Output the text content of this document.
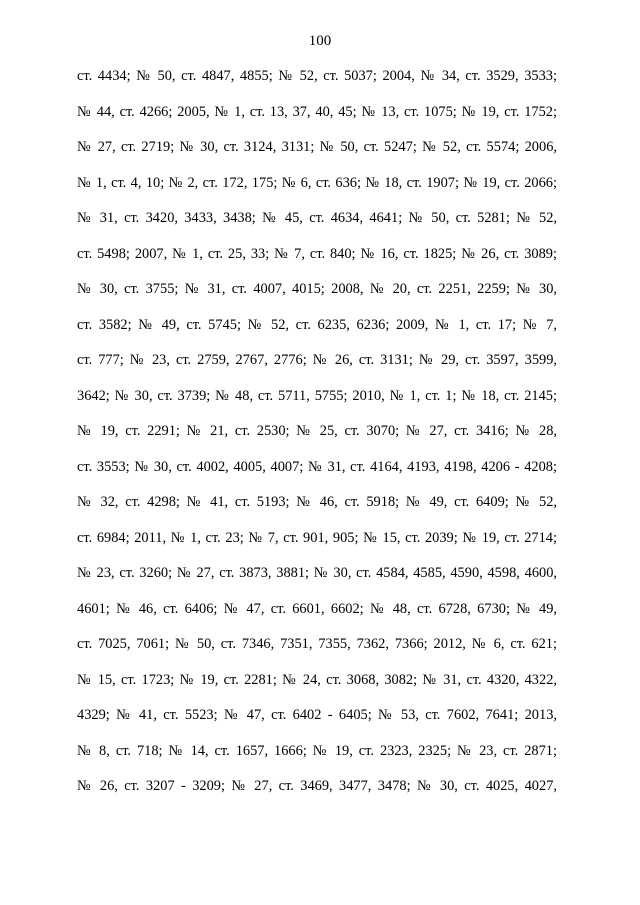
100
ст. 4434; № 50, ст. 4847, 4855; № 52, ст. 5037; 2004, № 34, ст. 3529, 3533;
№ 44, ст. 4266; 2005, № 1, ст. 13, 37, 40, 45; № 13, ст. 1075; № 19, ст. 1752;
№ 27, ст. 2719; № 30, ст. 3124, 3131; № 50, ст. 5247; № 52, ст. 5574; 2006,
№ 1, ст. 4, 10; № 2, ст. 172, 175; № 6, ст. 636; № 18, ст. 1907; № 19, ст. 2066;
№ 31, ст. 3420, 3433, 3438; № 45, ст. 4634, 4641; № 50, ст. 5281; № 52,
ст. 5498; 2007, № 1, ст. 25, 33; № 7, ст. 840; № 16, ст. 1825; № 26, ст. 3089;
№ 30, ст. 3755; № 31, ст. 4007, 4015; 2008, № 20, ст. 2251, 2259; № 30,
ст. 3582; № 49, ст. 5745; № 52, ст. 6235, 6236; 2009, № 1, ст. 17; № 7,
ст. 777; № 23, ст. 2759, 2767, 2776; № 26, ст. 3131; № 29, ст. 3597, 3599,
3642; № 30, ст. 3739; № 48, ст. 5711, 5755; 2010, № 1, ст. 1; № 18, ст. 2145;
№ 19, ст. 2291; № 21, ст. 2530; № 25, ст. 3070; № 27, ст. 3416; № 28,
ст. 3553; № 30, ст. 4002, 4005, 4007; № 31, ст. 4164, 4193, 4198, 4206 - 4208;
№ 32, ст. 4298; № 41, ст. 5193; № 46, ст. 5918; № 49, ст. 6409; № 52,
ст. 6984; 2011, № 1, ст. 23; № 7, ст. 901, 905; № 15, ст. 2039; № 19, ст. 2714;
№ 23, ст. 3260; № 27, ст. 3873, 3881; № 30, ст. 4584, 4585, 4590, 4598, 4600,
4601; № 46, ст. 6406; № 47, ст. 6601, 6602; № 48, ст. 6728, 6730; № 49,
ст. 7025, 7061; № 50, ст. 7346, 7351, 7355, 7362, 7366; 2012, № 6, ст. 621;
№ 15, ст. 1723; № 19, ст. 2281; № 24, ст. 3068, 3082; № 31, ст. 4320, 4322,
4329; № 41, ст. 5523; № 47, ст. 6402 - 6405; № 53, ст. 7602, 7641; 2013,
№ 8, ст. 718; № 14, ст. 1657, 1666; № 19, ст. 2323, 2325; № 23, ст. 2871;
№ 26, ст. 3207 - 3209; № 27, ст. 3469, 3477, 3478; № 30, ст. 4025, 4027,
